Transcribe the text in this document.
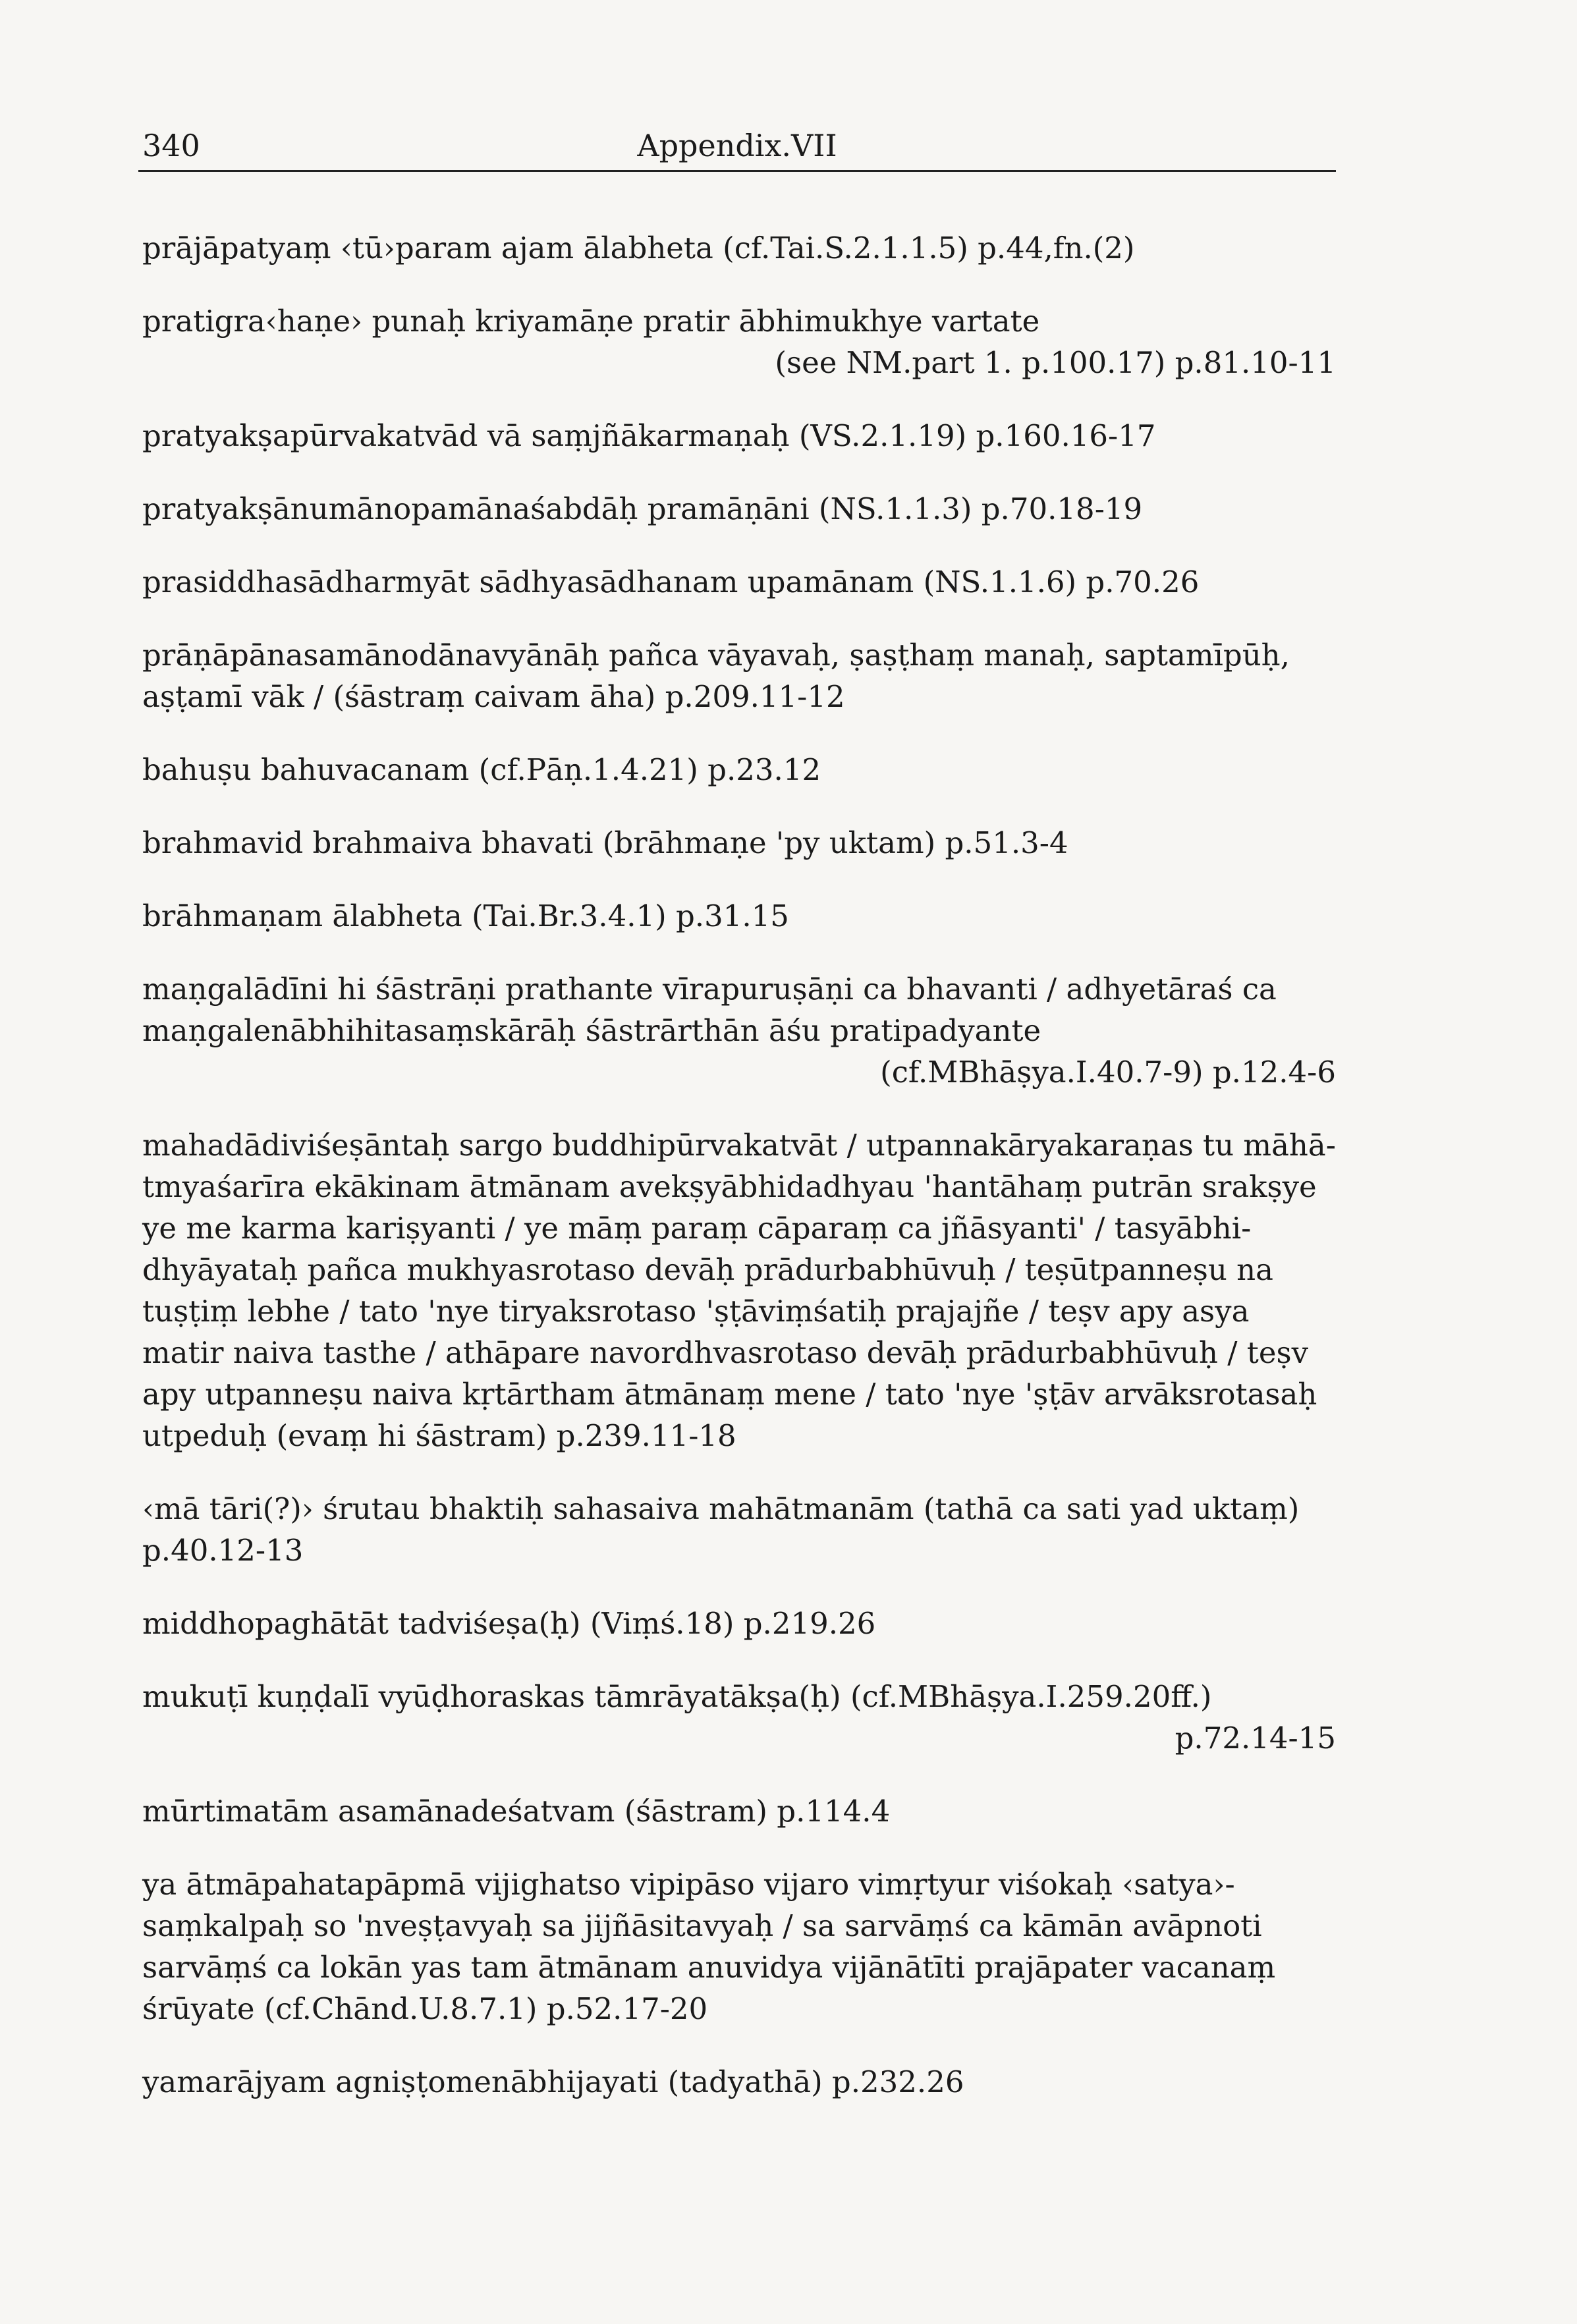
340	Appendix.VII
prājāpatyaṃ ‹tū›param ajam ālabheta (cf.Tai.S.2.1.1.5) p.44,fn.(2)
pratigra‹haṇe› punaḥ kriyamāṇe pratir ābhimukhye vartate
(see NM.part 1. p.100.17) p.81.10-11
pratyakṣapūrvakatvād vā saṃjñākarmaṇaḥ (VS.2.1.19) p.160.16-17
pratyakṣānumānopamānaśabdāḥ pramāṇāni (NS.1.1.3) p.70.18-19
prasiddhasādharmyāt sādhyasādhanam upamānam (NS.1.1.6) p.70.26
prāṇāpānasamānodānavyānāḥ pañca vāyavaḥ, ṣaṣṭhaṃ manaḥ, saptamīpūḥ,
aṣṭamī vāk / (śāstraṃ caivam āha) p.209.11-12
bahuṣu bahuvacanam (cf.Pāṇ.1.4.21) p.23.12
brahmavid brahmaiva bhavati (brāhmaṇe 'py uktam) p.51.3-4
brāhmaṇam ālabheta (Tai.Br.3.4.1) p.31.15
maṇgalādīni hi śāstrāṇi prathante vīrapuruṣāṇi ca bhavanti / adhyetāraś ca
maṇgalenābhihitasaṃskārāḥ śāstrārthān āśu pratipadyante
(cf.MBhāṣya.I.40.7-9) p.12.4-6
mahadādiviśeṣāntaḥ sargo buddhipūrvakatvāt / utpannakāryakaraṇas tu māhā-
tmyaśarīra ekākinam ātmānam avekṣyābhidadhyau 'hantāhaṃ putrān srakṣye
ye me karma kariṣyanti / ye māṃ paraṃ cāparaṃ ca jñāsyanti' / tasyābhi-
dhyāyataḥ pañca mukhyasrotaso devāḥ prādurbabhūvuḥ / teṣūtpanneṣu na
tuṣṭiṃ lebhe / tato 'nye tiryaksrotaso 'ṣṭāviṃśatiḥ prajajñe / teṣv apy asya
matir naiva tasthe / athāpare navordhvasrotaso devāḥ prādurbabhūvuḥ / teṣv
apy utpanneṣu naiva kṛtārtham ātmānaṃ mene / tato 'nye 'ṣṭāv arvāksrotasaḥ
utpeduḥ (evaṃ hi śāstram) p.239.11-18
‹mā tāri(?)› śrutau bhaktiḥ sahasaiva mahātmanām (tathā ca sati yad uktaṃ)
p.40.12-13
middhopaghātāt tadviśeṣa(ḥ) (Viṃś.18) p.219.26
mukuṭī kuṇḍalī vyūḍhoraskas tāmrāyatākṣa(ḥ) (cf.MBhāṣya.I.259.20ff.)
p.72.14-15
mūrtimatām asamānadeśatvam (śāstram) p.114.4
ya ātmāpahatapāpmā vijighatso vipipāso vijaro vimṛtyur viśokaḥ ‹satya›-
saṃkalpaḥ so 'nveṣṭavyaḥ sa jijñāsitavyaḥ / sa sarvāṃś ca kāmān avāpnoti
sarvāṃś ca lokān yas tam ātmānam anuvidya vijānātīti prajāpater vacanaṃ
śrūyate (cf.Chānd.U.8.7.1) p.52.17-20
yamarājyam agniṣṭomenābhijayati (tadyathā) p.232.26
